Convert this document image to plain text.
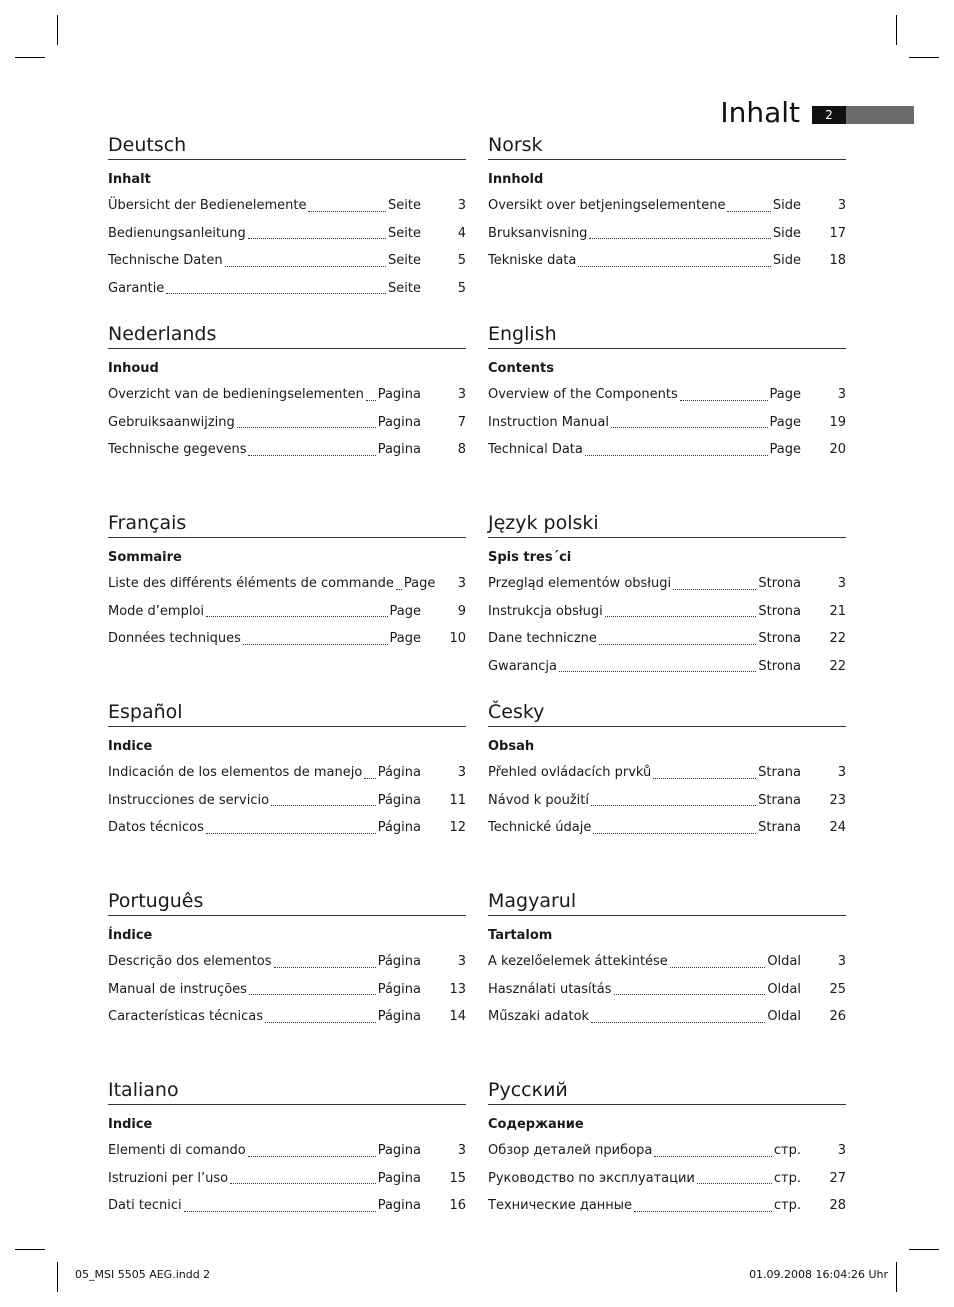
Inhalt	2
Deutsch
Inhalt
Übersicht der Bedienelemente	Seite	3
Bedienungsanleitung	Seite	4
Technische Daten	Seite	5
Garantie	Seite	5
Norsk
Innhold
Oversikt over betjeningselementene	Side	3
Bruksanvisning	Side	17
Tekniske data	Side	18
Nederlands
Inhoud
Overzicht van de bedieningselementen Pagina	3
Gebruiksaanwijzing	Pagina	7
Technische gegevens	Pagina	8
English
Contents
Overview of the Components	Page	3
Instruction Manual	Page	19
Technical Data	Page	20
Français
Sommaire
Liste des différents éléments de commande Page	3
Mode d’emploi	Page	9
Données techniques	Page	10
Język polski
Spis tres´ci
Przegląd elementów obsługi	Strona	3
Instrukcja obsługi	Strona	21
Dane techniczne	Strona	22
Gwarancja	Strona	22
Español
Indice
Indicación de los elementos de manejo Página	3
Instrucciones de servicio	Página	11
Datos técnicos	Página	12
Česky
Obsah
Přehled ovládacích prvků	Strana	3
Návod k použití	Strana	23
Technické údaje	Strana	24
Português
Índice
Descrição dos elementos	Página	3
Manual de instruções	Página	13
Características técnicas	Página	14
Magyarul
Tartalom
A kezelőelemek áttekintése	Oldal	3
Használati utasítás	Oldal	25
Műszaki adatok	Oldal	26
Italiano
Indice
Elementi di comando	Pagina	3
Istruzioni per l’uso	Pagina	15
Dati tecnici	Pagina	16
Русский
Содержание
Обзор деталей прибора	стр.	3
Руководство по эксплуатации	стр.	27
Технические данные	стр.	28
05_MSI 5505 AEG.indd 2	01.09.2008 16:04:26 Uhr
